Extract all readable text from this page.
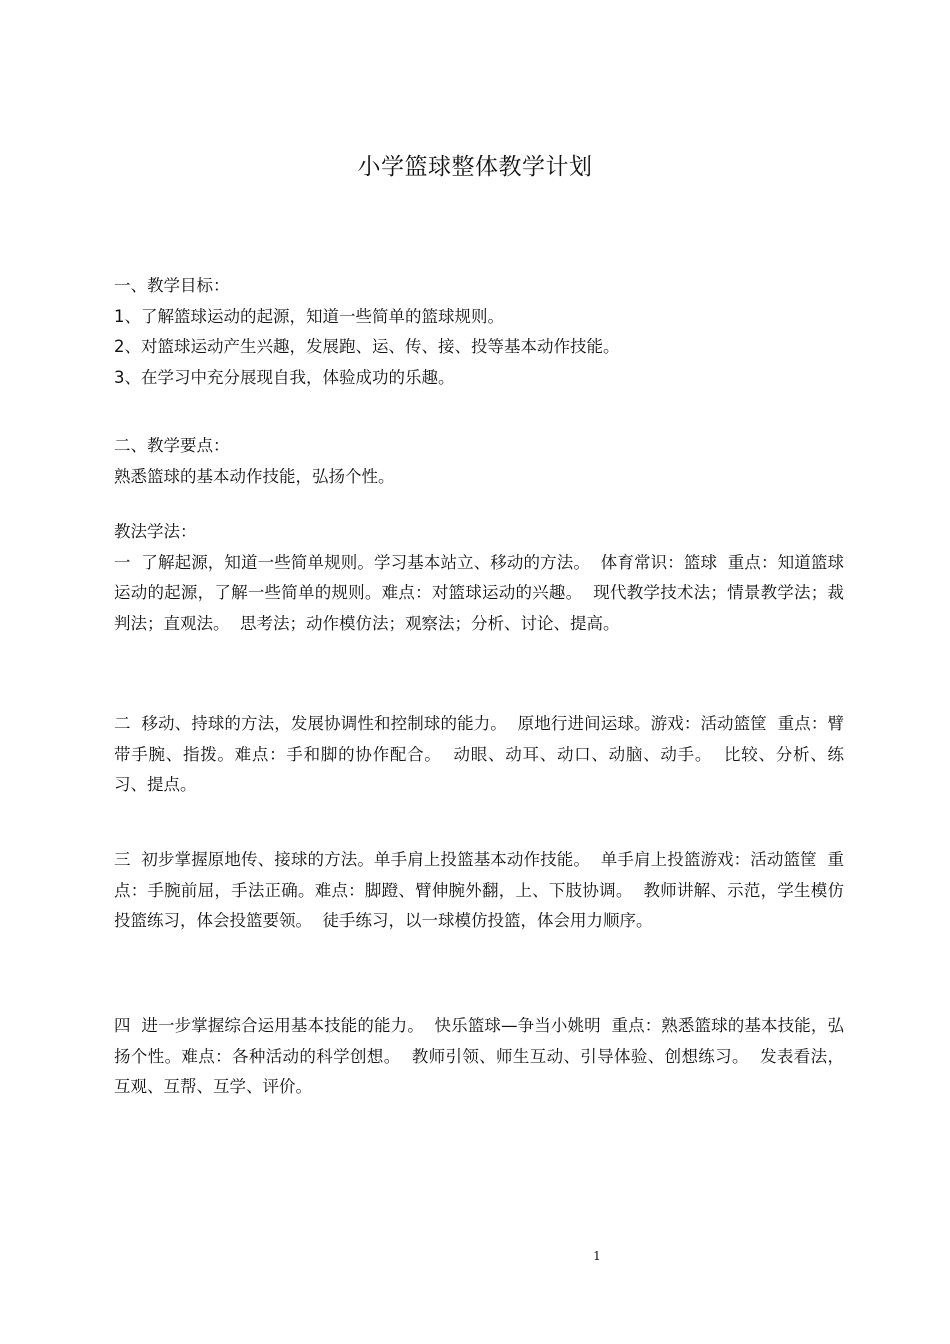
小学篮球整体教学计划

一、教学目标：

1、了解篮球运动的起源，知道一些简单的篮球规则。

2、对篮球运动产生兴趣，发展跑、运、传、接、投等基本动作技能。

3、在学习中充分展现自我，体验成功的乐趣。

二、教学要点：

熟悉篮球的基本动作技能，弘扬个性。

教法学法：

一  了解起源，知道一些简单规则。学习基本站立、移动的方法。  体育常识：篮球  重点：知道篮球运动的起源，了解一些简单的规则。难点：对篮球运动的兴趣。  现代教学技术法；情景教学法；裁判法；直观法。  思考法；动作模仿法；观察法；分析、讨论、提高。

二  移动、持球的方法，发展协调性和控制球的能力。  原地行进间运球。游戏：活动篮筐  重点：臂带手腕、指拨。难点：手和脚的协作配合。  动眼、动耳、动口、动脑、动手。  比较、分析、练习、提点。

三  初步掌握原地传、接球的方法。单手肩上投篮基本动作技能。  单手肩上投篮游戏：活动篮筐  重点：手腕前屈，手法正确。难点：脚蹬、臂伸腕外翻，上、下肢协调。  教师讲解、示范，学生模仿投篮练习，体会投篮要领。  徒手练习，以一球模仿投篮，体会用力顺序。

四  进一步掌握综合运用基本技能的能力。  快乐篮球—争当小姚明  重点：熟悉篮球的基本技能，弘扬个性。难点：各种活动的科学创想。  教师引领、师生互动、引导体验、创想练习。  发表看法，互观、互帮、互学、评价。

1
